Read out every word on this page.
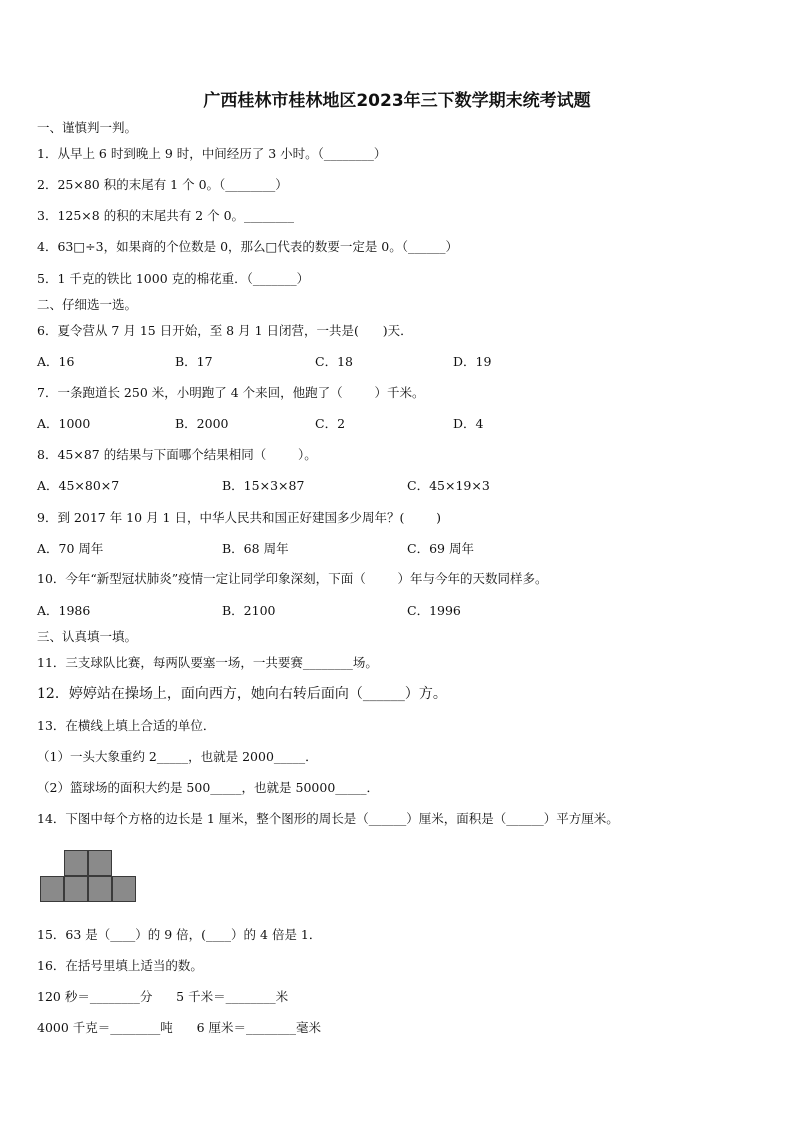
广西桂林市桂林地区2023年三下数学期末统考试题
一、谨慎判一判。
1．从早上 6 时到晚上 9 时，中间经历了 3 小时。（________）
2．25×80 积的末尾有 1 个 0。（________）
3．125×8 的积的末尾共有 2 个 0。________
4．63□÷3，如果商的个位数是 0，那么□代表的数要一定是 0。（______）
5．1 千克的铁比 1000 克的棉花重．（_______）
二、仔细选一选。
6．夏令营从 7 月 15 日开始，至 8 月 1 日闭营，一共是(      )天．
A．16	B．17	C．18	D．19
7．一条跑道长 250 米，小明跑了 4 个来回，他跑了（        ）千米。
A．1000	B．2000	C．2	D．4
8．45×87 的结果与下面哪个结果相同（        ）。
A．45×80×7	B．15×3×87	C．45×19×3
9．到 2017 年 10 月 1 日，中华人民共和国正好建国多少周年？(        )
A．70 周年	B．68 周年	C．69 周年
10．今年“新型冠状肺炎”疫情一定让同学印象深刻，下面（        ）年与今年的天数同样多。
A．1986	B．2100	C．1996
三、认真填一填。
11．三支球队比赛，每两队要塞一场，一共要赛________场。
12．婷婷站在操场上，面向西方，她向右转后面向（______）方。
13．在横线上填上合适的单位．
（1）一头大象重约 2_____，也就是 2000_____．
（2）篮球场的面积大约是 500_____，也就是 50000_____．
14．下图中每个方格的边长是 1 厘米，整个图形的周长是（______）厘米，面积是（______）平方厘米。
15．63 是（____）的 9 倍，(____）的 4 倍是 1．
16．在括号里填上适当的数。
120 秒＝________分      5 千米＝________米
4000 千克＝________吨      6 厘米＝________毫米
